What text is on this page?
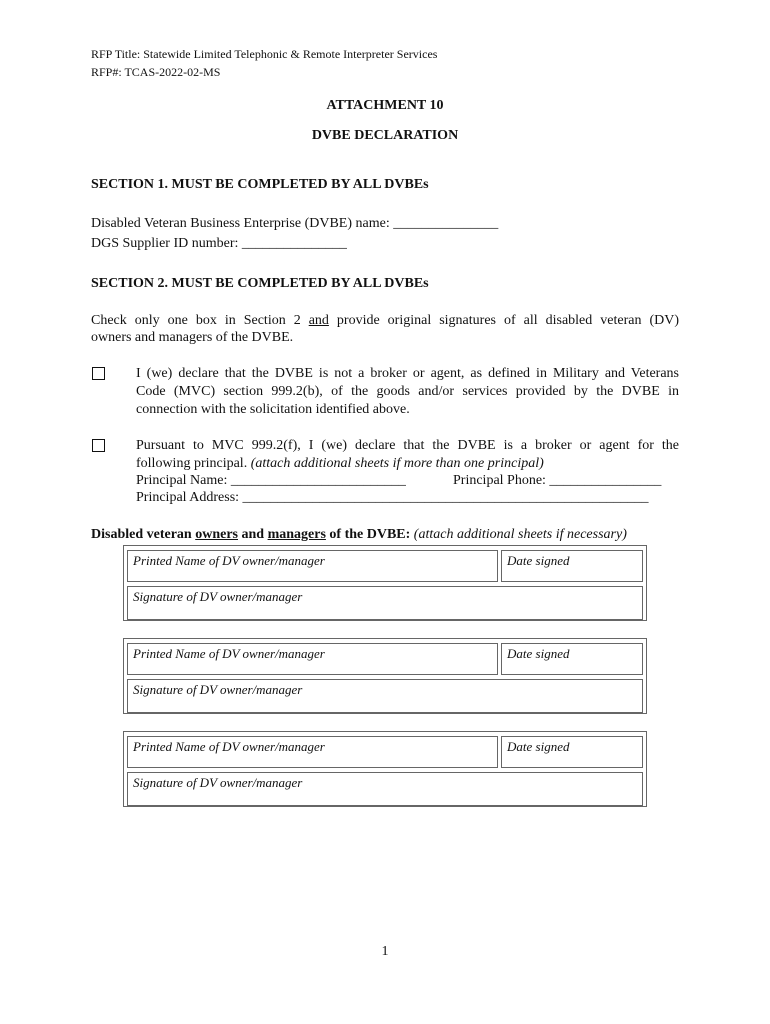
RFP Title: Statewide Limited Telephonic & Remote Interpreter Services
RFP#: TCAS-2022-02-MS
ATTACHMENT 10
DVBE DECLARATION
SECTION 1. MUST BE COMPLETED BY ALL DVBEs
Disabled Veteran Business Enterprise (DVBE) name: _______________
DGS Supplier ID number: _______________
SECTION 2. MUST BE COMPLETED BY ALL DVBEs
Check only one box in Section 2 and provide original signatures of all disabled veteran (DV)
owners and managers of the DVBE.
I (we) declare that the DVBE is not a broker or agent, as defined in Military and Veterans
Code (MVC) section 999.2(b), of the goods and/or services provided by the DVBE in
connection with the solicitation identified above.
Pursuant to MVC 999.2(f), I (we) declare that the DVBE is a broker or agent for the
following principal. (attach additional sheets if more than one principal)
Principal Name: _________________________	Principal Phone: ________________
Principal Address: __________________________________________________________
Disabled veteran owners and managers of the DVBE: (attach additional sheets if necessary)
Printed Name of DV owner/manager	Date signed
Signature of DV owner/manager
Printed Name of DV owner/manager	Date signed
Signature of DV owner/manager
Printed Name of DV owner/manager	Date signed
Signature of DV owner/manager
1
